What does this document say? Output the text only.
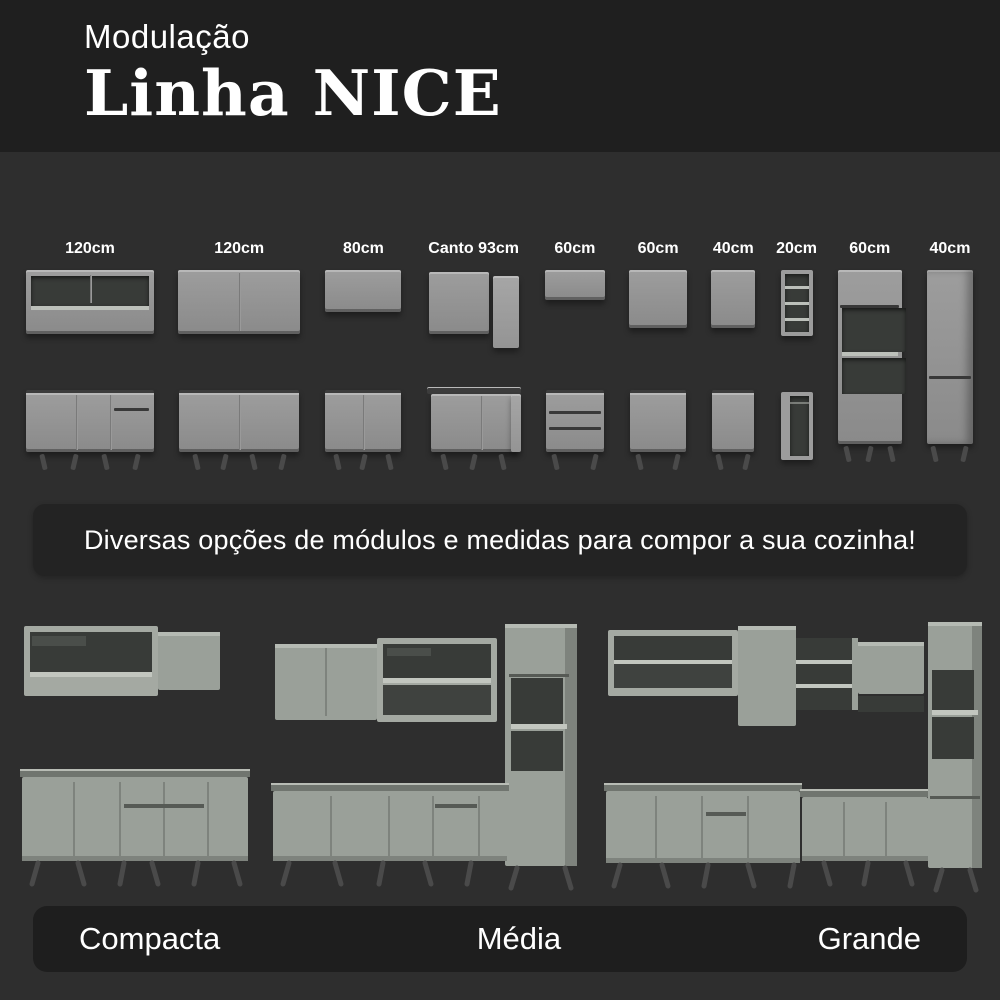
Modulação
Linha NICE
120cm	120cm	80cm	Canto 93cm 60cm	60cm 40cm 20cm 60cm 40cm
Diversas opções de módulos e medidas para compor a sua cozinha!
Compacta	Média	Grande
